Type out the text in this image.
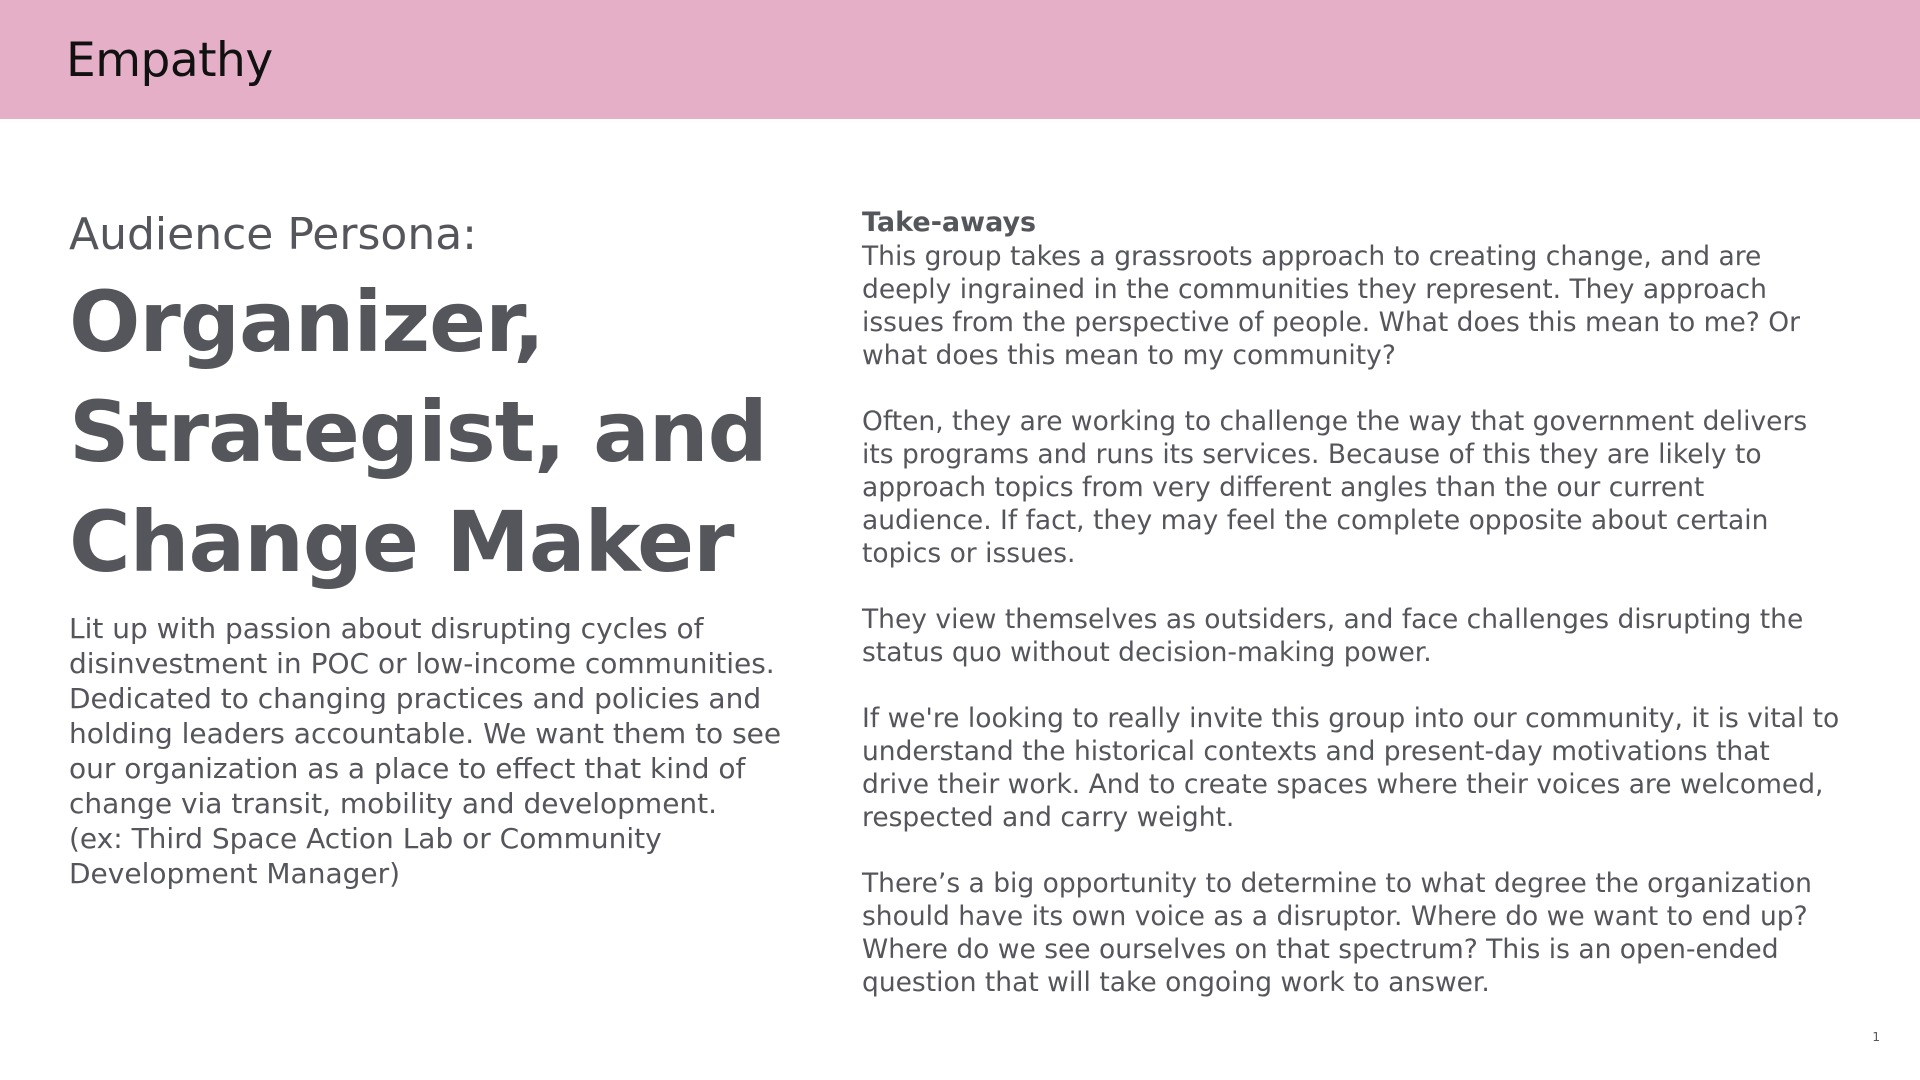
Empathy

Audience Persona:

Organizer,
Strategist, and
Change Maker

Lit up with passion about disrupting cycles of
disinvestment in POC or low-income communities.
Dedicated to changing practices and policies and
holding leaders accountable. We want them to see
our organization as a place to effect that kind of
change via transit, mobility and development.
(ex: Third Space Action Lab or Community
Development Manager)

Take-aways

This group takes a grassroots approach to creating change, and are
deeply ingrained in the communities they represent. They approach
issues from the perspective of people. What does this mean to me? Or
what does this mean to my community?

Often, they are working to challenge the way that government delivers
its programs and runs its services. Because of this they are likely to
approach topics from very different angles than the our current
audience. If fact, they may feel the complete opposite about certain
topics or issues.

They view themselves as outsiders, and face challenges disrupting the
status quo without decision-making power.

If we're looking to really invite this group into our community, it is vital to
understand the historical contexts and present-day motivations that
drive their work. And to create spaces where their voices are welcomed,
respected and carry weight.

There’s a big opportunity to determine to what degree the organization
should have its own voice as a disruptor. Where do we want to end up?
Where do we see ourselves on that spectrum? This is an open-ended
question that will take ongoing work to answer.

1
